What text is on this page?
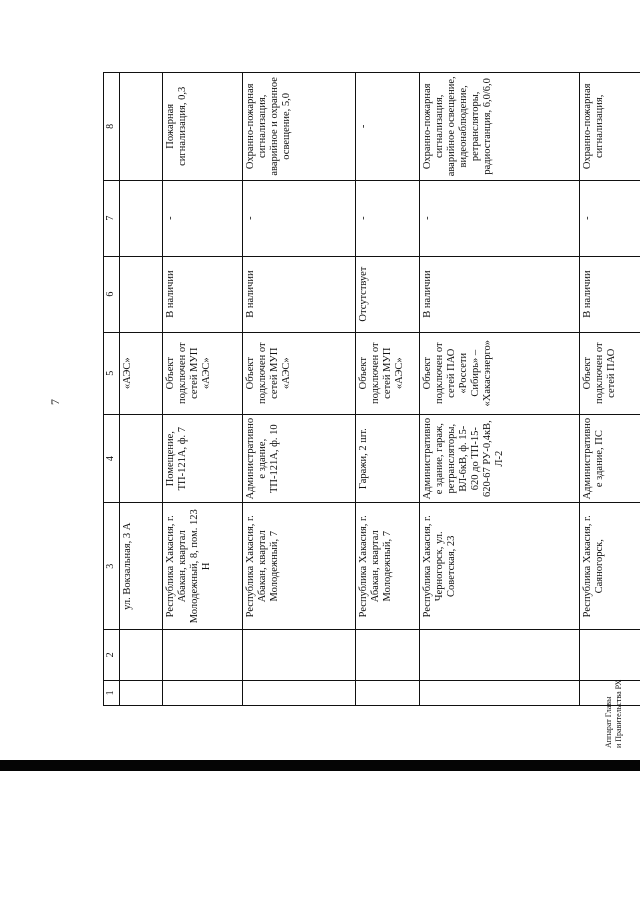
7
1	2	3	4	5	6	7	8
		ул. Вокзальная, 3 А		«АЭС»			
		Республика Хакасия, г. Абакан, квартал Молодежный, 8, пом. 123 Н	Помещение, ТП-121А, ф. 7	Объект подключен от сетей МУП «АЭС»	В наличии	-	Пожарная сигнализация, 0,3
		Республика Хакасия, г. Абакан, квартал Молодежный, 7	Административное здание, ТП-121А, ф. 10	Объект подключен от сетей МУП «АЭС»	В наличии	-	Охранно-пожарная сигнализация, аварийное и охранное освещение, 5,0
		Республика Хакасия, г. Абакан, квартал Молодежный, 7	Гаражи, 2 шт.	Объект подключен от сетей МУП «АЭС»	Отсутствует	-	-
		Республика Хакасия, г. Черногорск, ул. Советская, 23	Административное здание, гараж, ретрансляторы, ВЛ-6кВ, ф. 15-620 до ТП-15-620-67 РУ-0,4кВ, Л-2	Объект подключен от сетей ПАО «Россети Сибирь» – «Хакасэнерго»	В наличии	-	Охранно-пожарная сигнализация, аварийное освещение, видеонаблюдение, ретрансляторы, радиостанция, 6,0/6,0
		Республика Хакасия, г. Саяногорск,	Административное здание, ПС	Объект подключен от сетей ПАО	В наличии	-	Охранно-пожарная сигнализация,
Аппарат Главы и Правительства РХ
